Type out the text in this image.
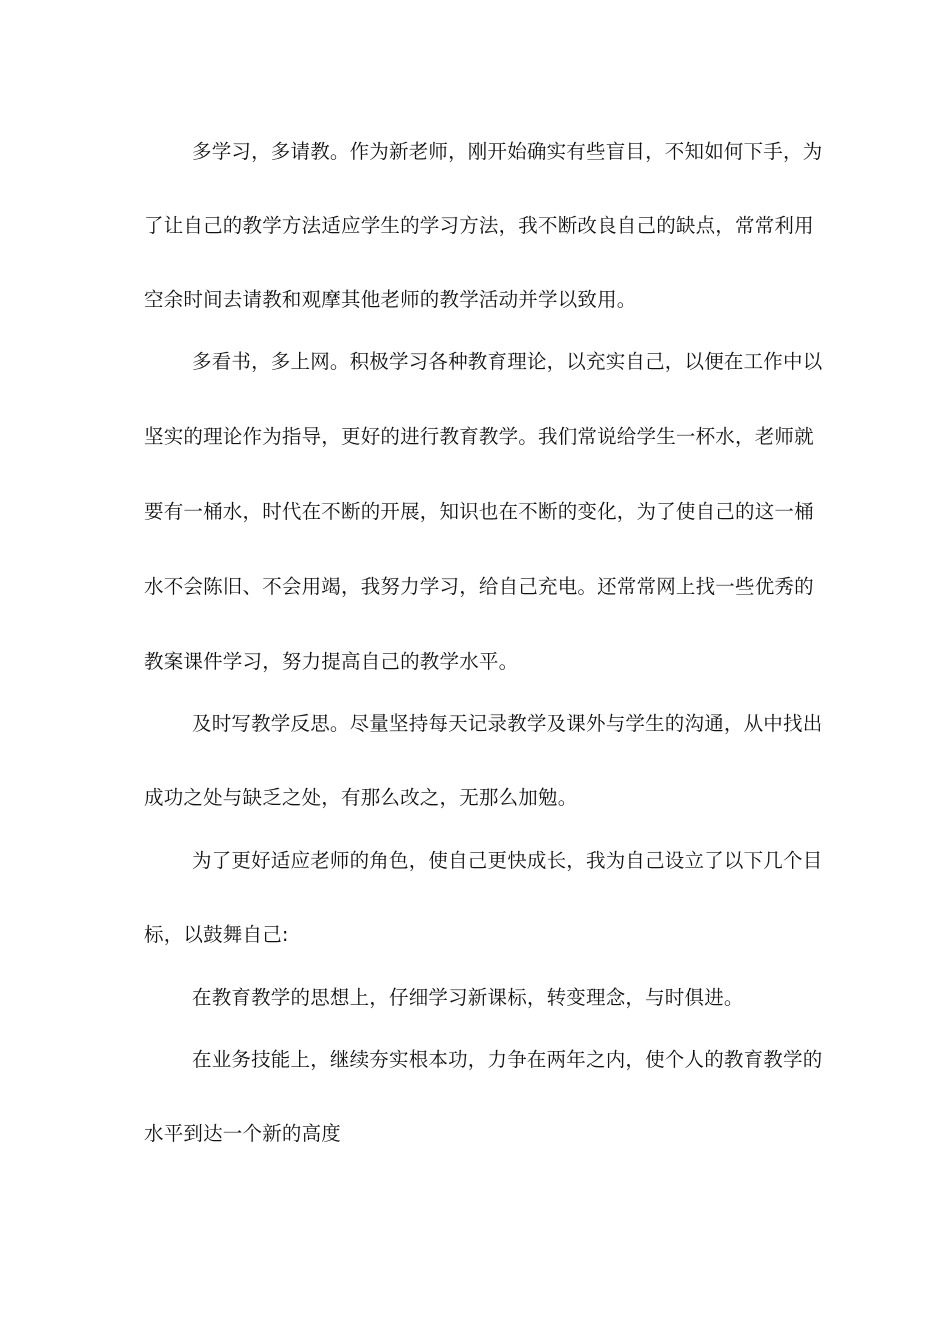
多学习，多请教。作为新老师，刚开始确实有些盲目，不知如何下手，为
了让自己的教学方法适应学生的学习方法，我不断改良自己的缺点，常常利用
空余时间去请教和观摩其他老师的教学活动并学以致用。
多看书，多上网。积极学习各种教育理论，以充实自己，以便在工作中以
坚实的理论作为指导，更好的进行教育教学。我们常说给学生一杯水，老师就
要有一桶水，时代在不断的开展，知识也在不断的变化，为了使自己的这一桶
水不会陈旧、不会用竭，我努力学习，给自己充电。还常常网上找一些优秀的
教案课件学习，努力提高自己的教学水平。
及时写教学反思。尽量坚持每天记录教学及课外与学生的沟通，从中找出
成功之处与缺乏之处，有那么改之，无那么加勉。
为了更好适应老师的角色，使自己更快成长，我为自己设立了以下几个目
标，以鼓舞自己:
在教育教学的思想上，仔细学习新课标，转变理念，与时俱进。
在业务技能上，继续夯实根本功，力争在两年之内，使个人的教育教学的
水平到达一个新的高度
